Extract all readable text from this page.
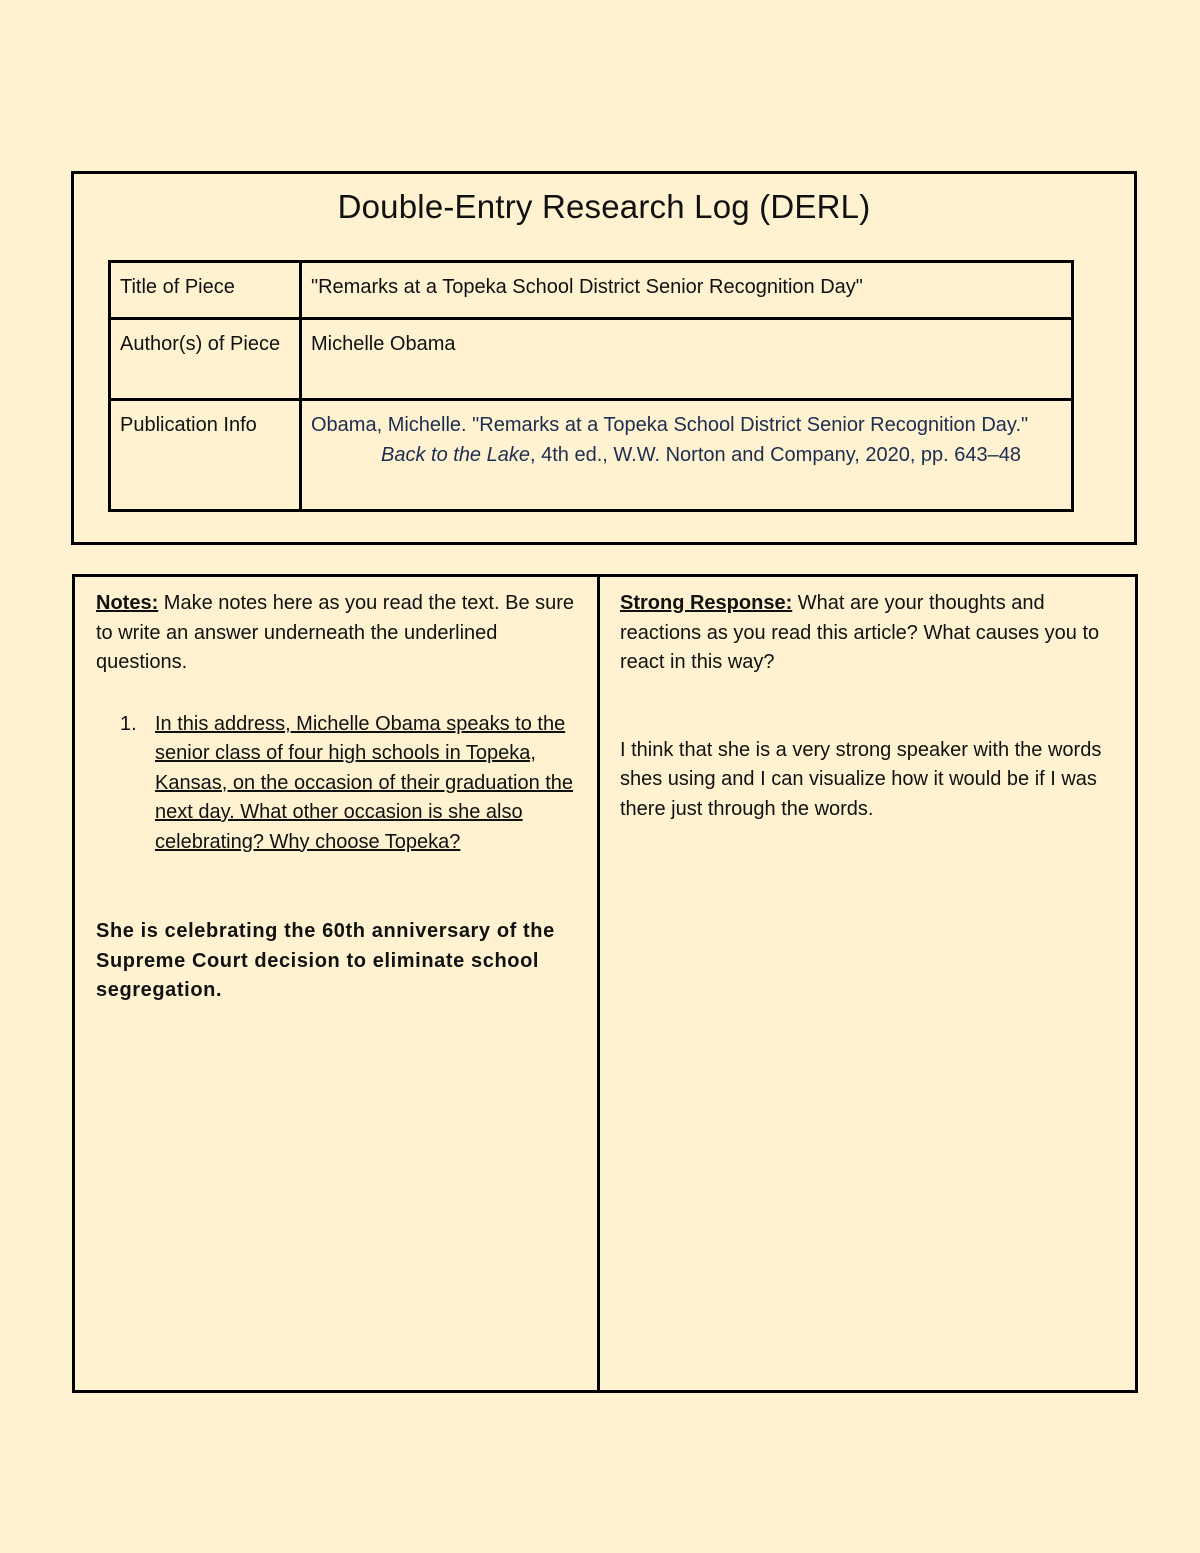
Double-Entry Research Log (DERL)
Title of Piece	"Remarks at a Topeka School District Senior Recognition Day"
Author(s) of Piece	Michelle Obama
Publication Info	Obama, Michelle. "Remarks at a Topeka School District Senior Recognition Day." Back to the Lake, 4th ed., W.W. Norton and Company, 2020, pp. 643–48
Notes: Make notes here as you read the text. Be sure to write an answer underneath the underlined questions.
1. In this address, Michelle Obama speaks to the senior class of four high schools in Topeka, Kansas, on the occasion of their graduation the next day. What other occasion is she also celebrating? Why choose Topeka?
She is celebrating the 60th anniversary of the Supreme Court decision to eliminate school segregation.
Strong Response: What are your thoughts and reactions as you read this article? What causes you to react in this way?
I think that she is a very strong speaker with the words shes using and I can visualize how it would be if I was there just through the words.
